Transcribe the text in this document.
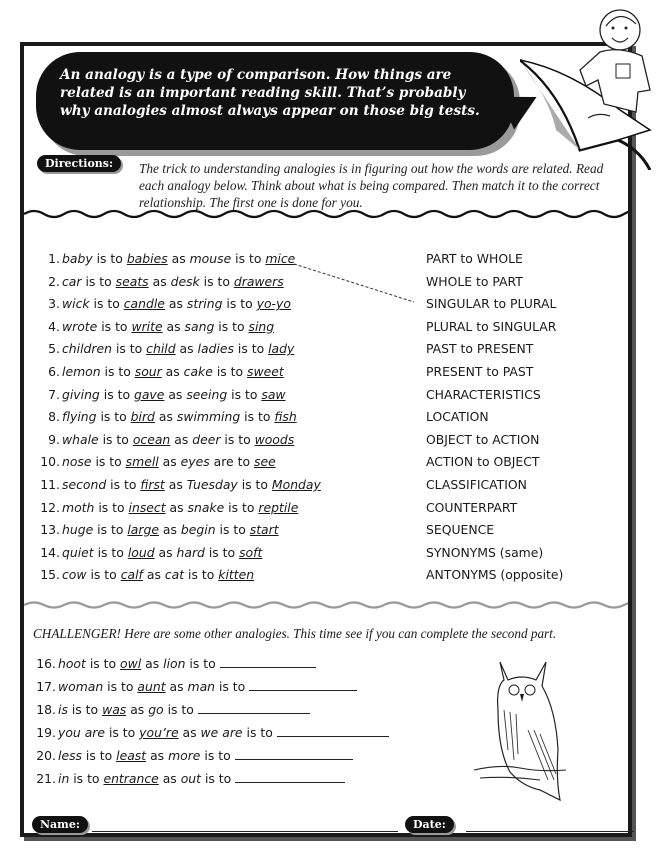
An analogy is a type of comparison. How things are

related is an important reading skill. That’s probably

why analogies almost always appear on those big tests.

Directions:	The trick to understanding analogies is in figuring out how the words are related. Read each analogy below. Think about what is being compared. Then match it to the correct relationship. The first one is done for you.
1. baby is to babies as mouse is to mice
2. car is to seats as desk is to drawers
3. wick is to candle as string is to yo-yo
4. wrote is to write as sang is to sing
5. children is to child as ladies is to lady
6. lemon is to sour as cake is to sweet
7. giving is to gave as seeing is to saw
8. flying is to bird as swimming is to fish
9. whale is to ocean as deer is to woods
10. nose is to smell as eyes are to see
11. second is to first as Tuesday is to Monday
12. moth is to insect as snake is to reptile
13. huge is to large as begin is to start
14. quiet is to loud as hard is to soft
15. cow is to calf as cat is to kitten
PART to WHOLE
WHOLE to PART
SINGULAR to PLURAL
PLURAL to SINGULAR
PAST to PRESENT
PRESENT to PAST
CHARACTERISTICS
LOCATION
OBJECT to ACTION
ACTION to OBJECT
CLASSIFICATION
COUNTERPART
SEQUENCE
SYNONYMS (same)
ANTONYMS (opposite)
CHALLENGER! Here are some other analogies. This time see if you can complete the second part.
16. hoot is to owl as lion is to
17. woman is to aunt as man is to
18. is is to was as go is to
19. you are is to you’re as we are is to
20. less is to least as more is to
21. in is to entrance as out is to
Name:	Date:
